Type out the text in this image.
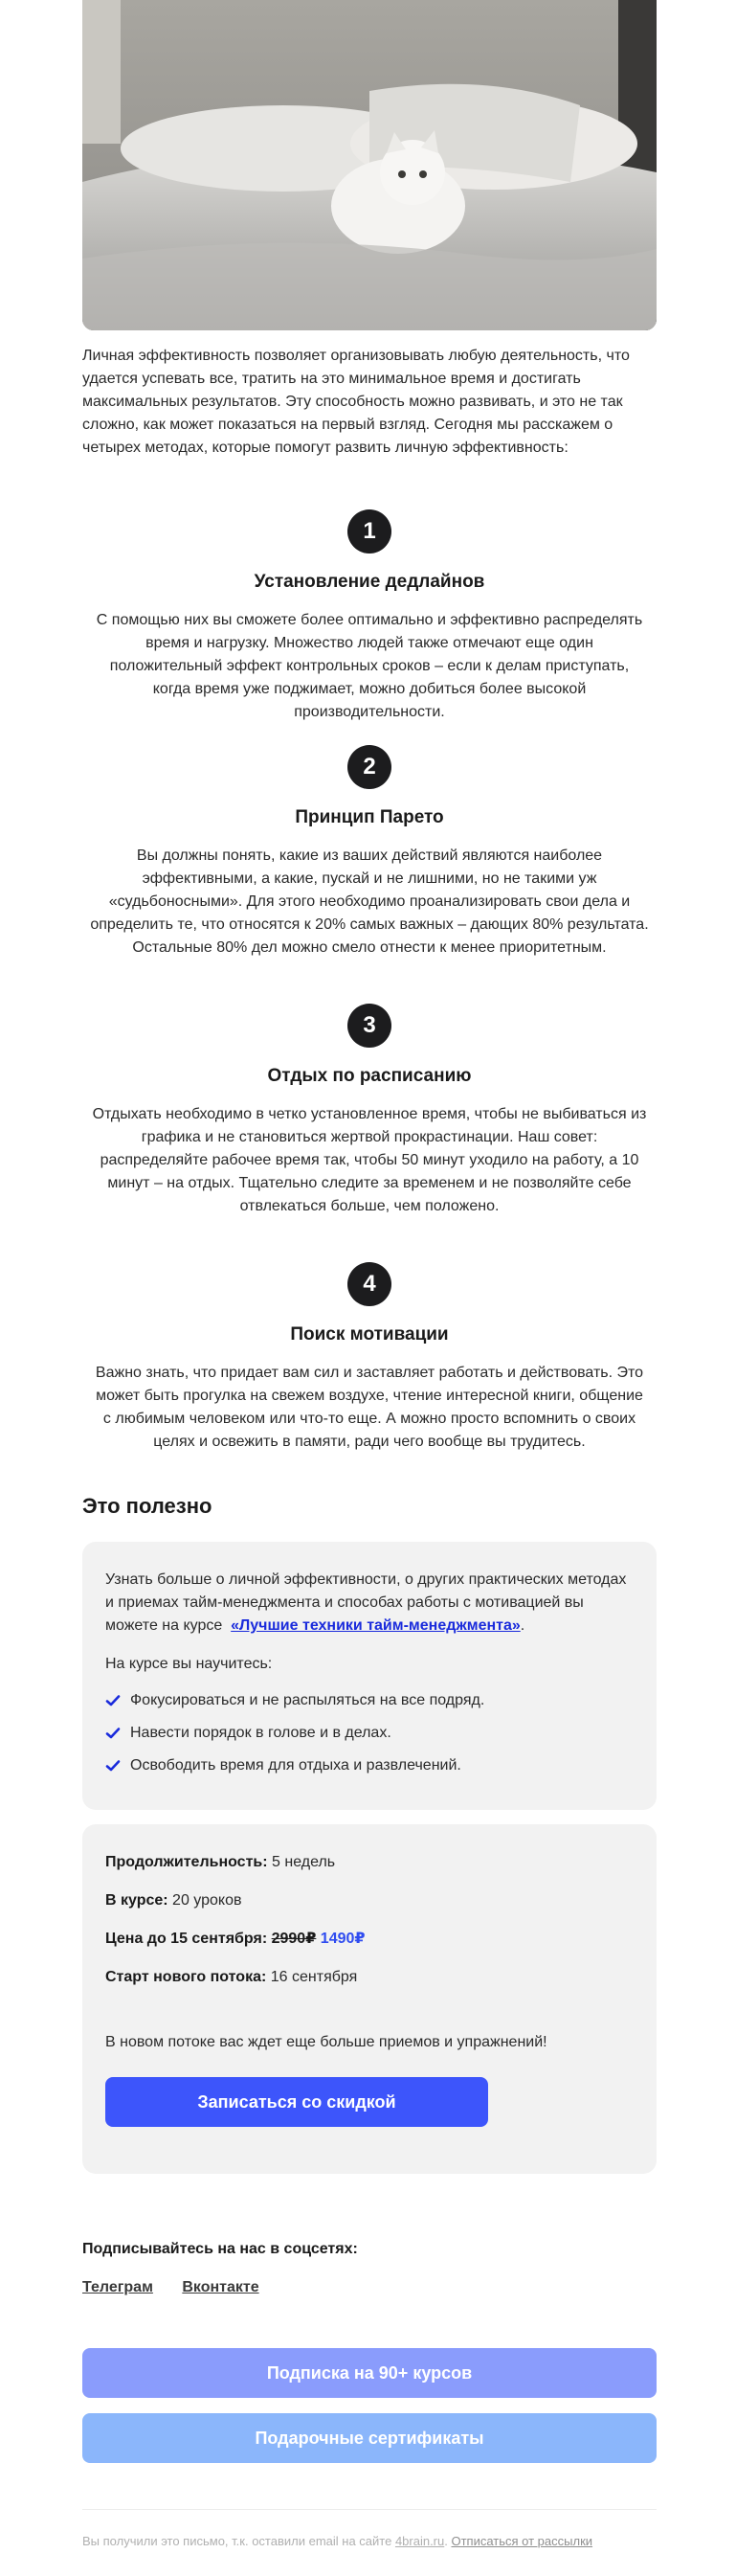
Личная эффективность позволяет организовывать любую деятельность, что удается успевать все, тратить на это минимальное время и достигать максимальных результатов. Эту способность можно развивать, и это не так сложно, как может показаться на первый взгляд. Сегодня мы расскажем о четырех методах, которые помогут развить личную эффективность:

1
Установление дедлайнов
С помощью них вы сможете более оптимально и эффективно распределять время и нагрузку. Множество людей также отмечают еще один положительный эффект контрольных сроков – если к делам приступать, когда время уже поджимает, можно добиться более высокой производительности.
2
Принцип Парето
Вы должны понять, какие из ваших действий являются наиболее эффективными, а какие, пускай и не лишними, но не такими уж «судьбоносными». Для этого необходимо проанализировать свои дела и определить те, что относятся к 20% самых важных – дающих 80% результата. Остальные 80% дел можно смело отнести к менее приоритетным.
3
Отдых по расписанию
Отдыхать необходимо в четко установленное время, чтобы не выбиваться из графика и не становиться жертвой прокрастинации. Наш совет: распределяйте рабочее время так, чтобы 50 минут уходило на работу, а 10 минут – на отдых. Тщательно следите за временем и не позволяйте себе отвлекаться больше, чем положено.
4
Поиск мотивации
Важно знать, что придает вам сил и заставляет работать и действовать. Это может быть прогулка на свежем воздухе, чтение интересной книги, общение с любимым человеком или что-то еще. А можно просто вспомнить о своих целях и освежить в памяти, ради чего вообще вы трудитесь.
Это полезно

Узнать больше о личной эффективности, о других практических методах и приемах тайм-менеджмента и способах работы с мотивацией вы можете на курсе «Лучшие техники тайм-менеджмента».

На курсе вы научитесь:

Фокусироваться и не распыляться на все подряд.
Навести порядок в голове и в делах.
Освободить время для отдыха и развлечений.
Продолжительность: 5 недель
В курсе: 20 уроков
Цена до 15 сентября: 2990₽ 1490₽
Старт нового потока: 16 сентября

В новом потоке вас ждет еще больше приемов и упражнений!

Записаться со скидкой

Подписывайтесь на нас в соцсетях:

Телеграм Вконтакте
Подписка на 90+ курсов
Подарочные сертификаты

Вы получили это письмо, т.к. оставили email на сайте 4brain.ru. Отписаться от рассылки
